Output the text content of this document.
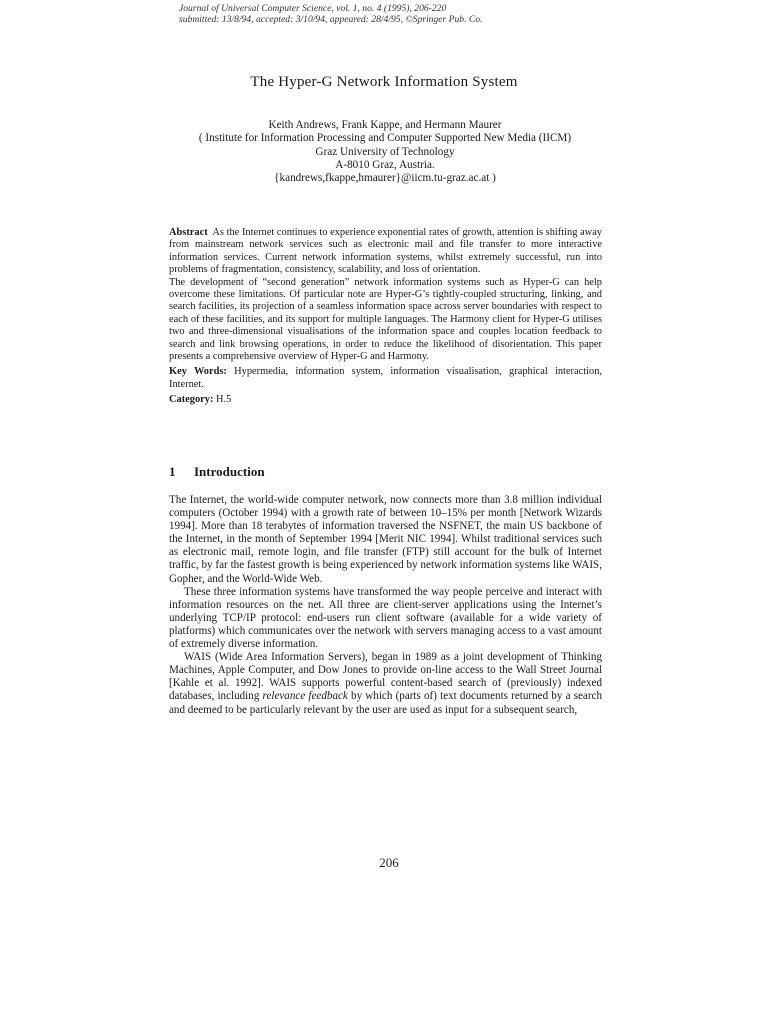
Journal of Universal Computer Science, vol. 1, no. 4 (1995), 206-220
submitted: 13/8/94, accepted: 3/10/94, appeared: 28/4/95, ©Springer Pub. Co.
The Hyper-G Network Information System
Keith Andrews, Frank Kappe, and Hermann Maurer
( Institute for Information Processing and Computer Supported New Media (IICM)
Graz University of Technology
A-8010 Graz, Austria.
{kandrews,fkappe,hmaurer}@iicm.tu-graz.ac.at )

Abstract As the Internet continues to experience exponential rates of growth, attention is shifting away from mainstream network services such as electronic mail and file transfer to more interactive information services. Current network information systems, whilst extremely successful, run into problems of fragmentation, consistency, scalability, and loss of orientation.

The development of “second generation” network information systems such as Hyper-G can help overcome these limitations. Of particular note are Hyper-G’s tightly-coupled structuring, linking, and search facilities, its projection of a seamless information space across server boundaries with respect to each of these facilities, and its support for multiple languages. The Harmony client for Hyper-G utilises two and three-dimensional visualisations of the information space and couples location feedback to search and link browsing operations, in order to reduce the likelihood of disorientation. This paper presents a comprehensive overview of Hyper-G and Harmony.

Key Words: Hypermedia, information system, information visualisation, graphical interaction, Internet.

Category: H.5

1 Introduction

The Internet, the world-wide computer network, now connects more than 3.8 million individual computers (October 1994) with a growth rate of between 10–15% per month [Network Wizards 1994]. More than 18 terabytes of information traversed the NSFNET, the main US backbone of the Internet, in the month of September 1994 [Merit NIC 1994]. Whilst traditional services such as electronic mail, remote login, and file transfer (FTP) still account for the bulk of Internet traffic, by far the fastest growth is being experienced by network information systems like WAIS, Gopher, and the World-Wide Web.

These three information systems have transformed the way people perceive and interact with information resources on the net. All three are client-server applications using the Internet’s underlying TCP/IP protocol: end-users run client software (available for a wide variety of platforms) which communicates over the network with servers managing access to a vast amount of extremely diverse information.

WAIS (Wide Area Information Servers), began in 1989 as a joint development of Thinking Machines, Apple Computer, and Dow Jones to provide on-line access to the Wall Street Journal [Kahle et al. 1992]. WAIS supports powerful content-based search of (previously) indexed databases, including relevance feedback by which (parts of) text documents returned by a search and deemed to be particularly relevant by the user are used as input for a subsequent search,

206
